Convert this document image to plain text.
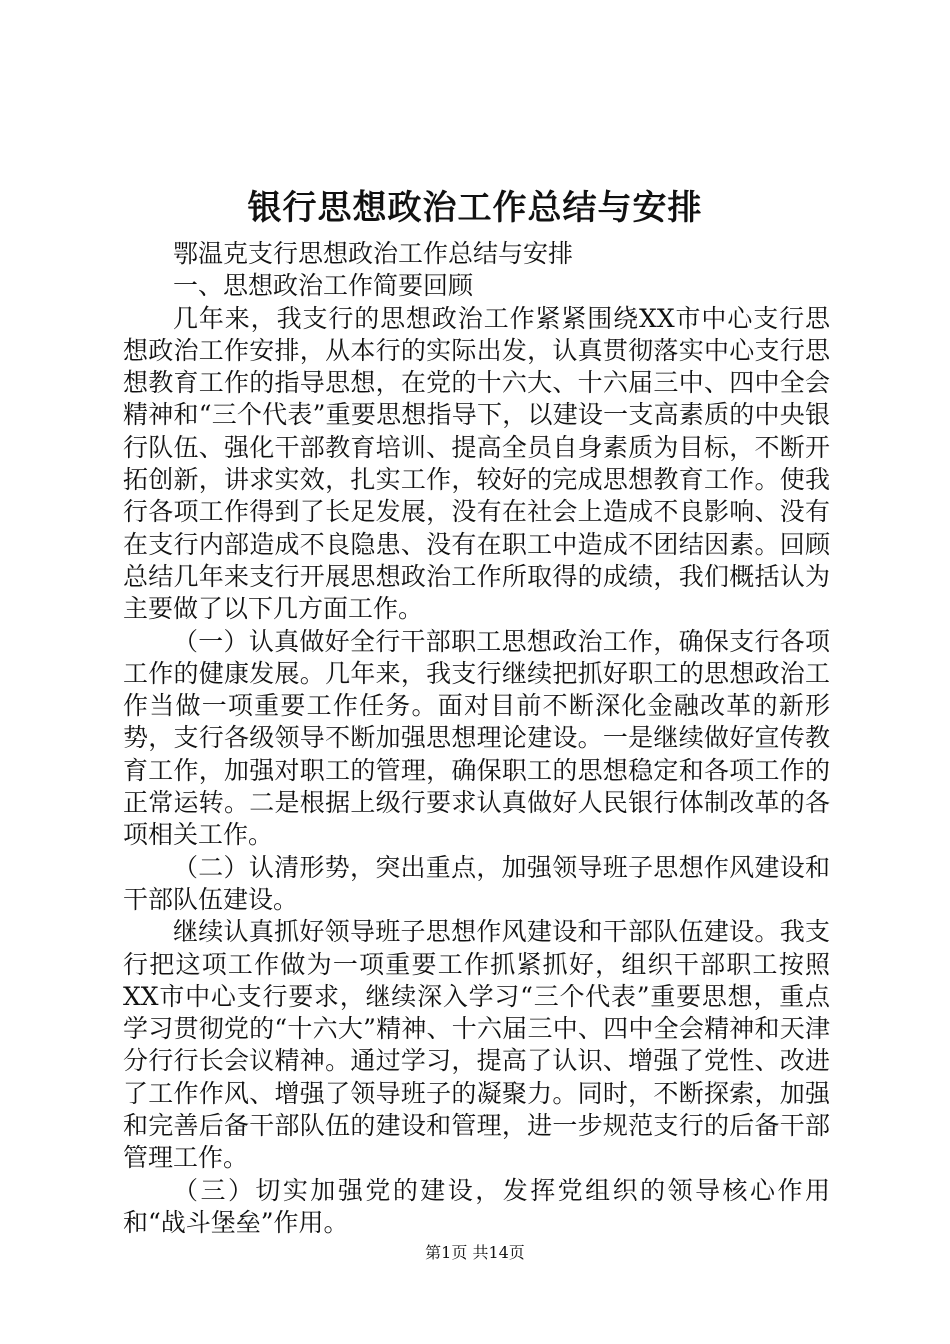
银行思想政治工作总结与安排

鄂温克支行思想政治工作总结与安排

一、思想政治工作简要回顾

几年来，我支行的思想政治工作紧紧围绕XX市中心支行思想政治工作安排，从本行的实际出发，认真贯彻落实中心支行思想教育工作的指导思想，在党的十六大、十六届三中、四中全会精神和“三个代表”重要思想指导下，以建设一支高素质的中央银行队伍、强化干部教育培训、提高全员自身素质为目标，不断开拓创新，讲求实效，扎实工作，较好的完成思想教育工作。使我行各项工作得到了长足发展，没有在社会上造成不良影响、没有在支行内部造成不良隐患、没有在职工中造成不团结因素。回顾总结几年来支行开展思想政治工作所取得的成绩，我们概括认为主要做了以下几方面工作。

（一）认真做好全行干部职工思想政治工作，确保支行各项工作的健康发展。几年来，我支行继续把抓好职工的思想政治工作当做一项重要工作任务。面对目前不断深化金融改革的新形势，支行各级领导不断加强思想理论建设。一是继续做好宣传教育工作，加强对职工的管理，确保职工的思想稳定和各项工作的正常运转。二是根据上级行要求认真做好人民银行体制改革的各项相关工作。

（二）认清形势，突出重点，加强领导班子思想作风建设和干部队伍建设。

继续认真抓好领导班子思想作风建设和干部队伍建设。我支行把这项工作做为一项重要工作抓紧抓好，组织干部职工按照XX市中心支行要求，继续深入学习“三个代表”重要思想，重点学习贯彻党的“十六大”精神、十六届三中、四中全会精神和天津分行行长会议精神。通过学习，提高了认识、增强了党性、改进了工作作风、增强了领导班子的凝聚力。同时，不断探索，加强和完善后备干部队伍的建设和管理，进一步规范支行的后备干部管理工作。

（三）切实加强党的建设，发挥党组织的领导核心作用和“战斗堡垒”作用。

第1页 共14页
